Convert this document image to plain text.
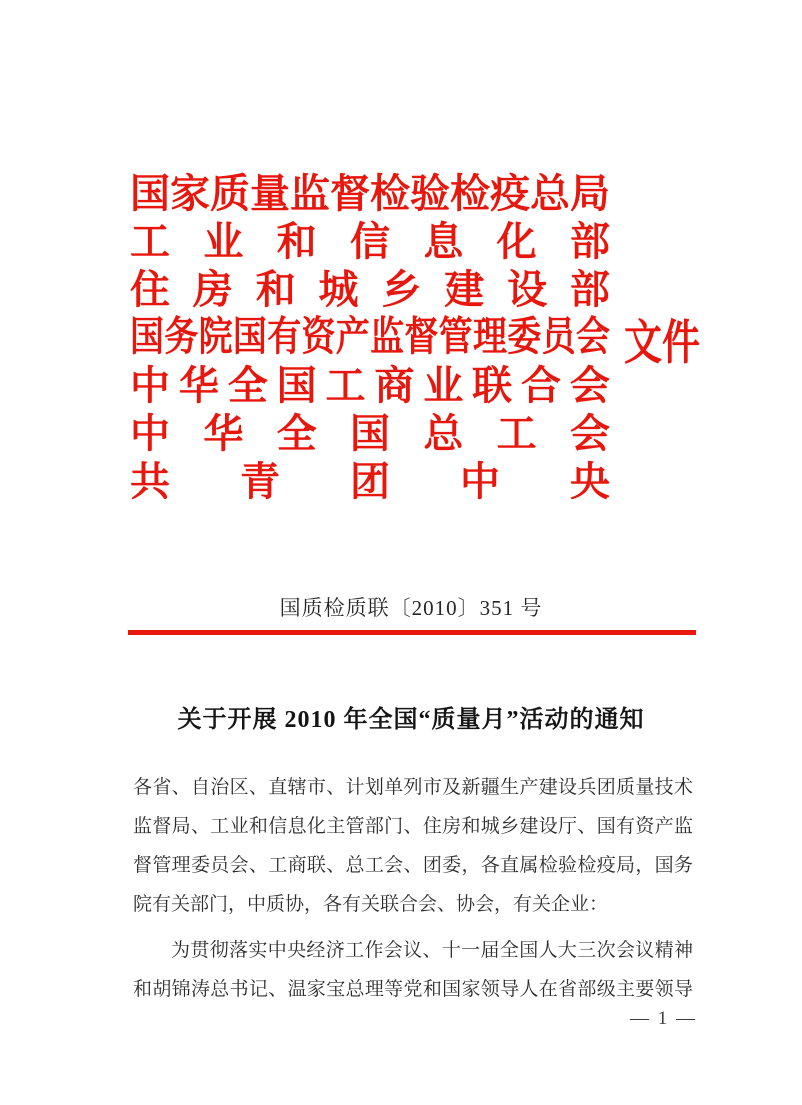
国 家 质 量 监 督 检 验 检 疫 总 局
工 业 和 信 息 化 部
住 房 和 城 乡 建 设 部
国 务 院 国 有 资 产 监 督 管 理 委 员 会
中 华 全 国 工 商 业 联 合 会
中 华 全 国 总 工 会
共 青 团 中 央
文件
国质检质联〔2010〕351 号
关于开展 2010 年全国“质量月”活动的通知
各省、自治区、直辖市、计划单列市及新疆生产建设兵团质量技术
监督局、工业和信息化主管部门、住房和城乡建设厅、国有资产监
督管理委员会、工商联、总工会、团委，各直属检验检疫局，国务
院有关部门，中质协，各有关联合会、协会，有关企业：
为贯彻落实中央经济工作会议、十一届全国人大三次会议精神
和胡锦涛总书记、温家宝总理等党和国家领导人在省部级主要领导
— 1 —
